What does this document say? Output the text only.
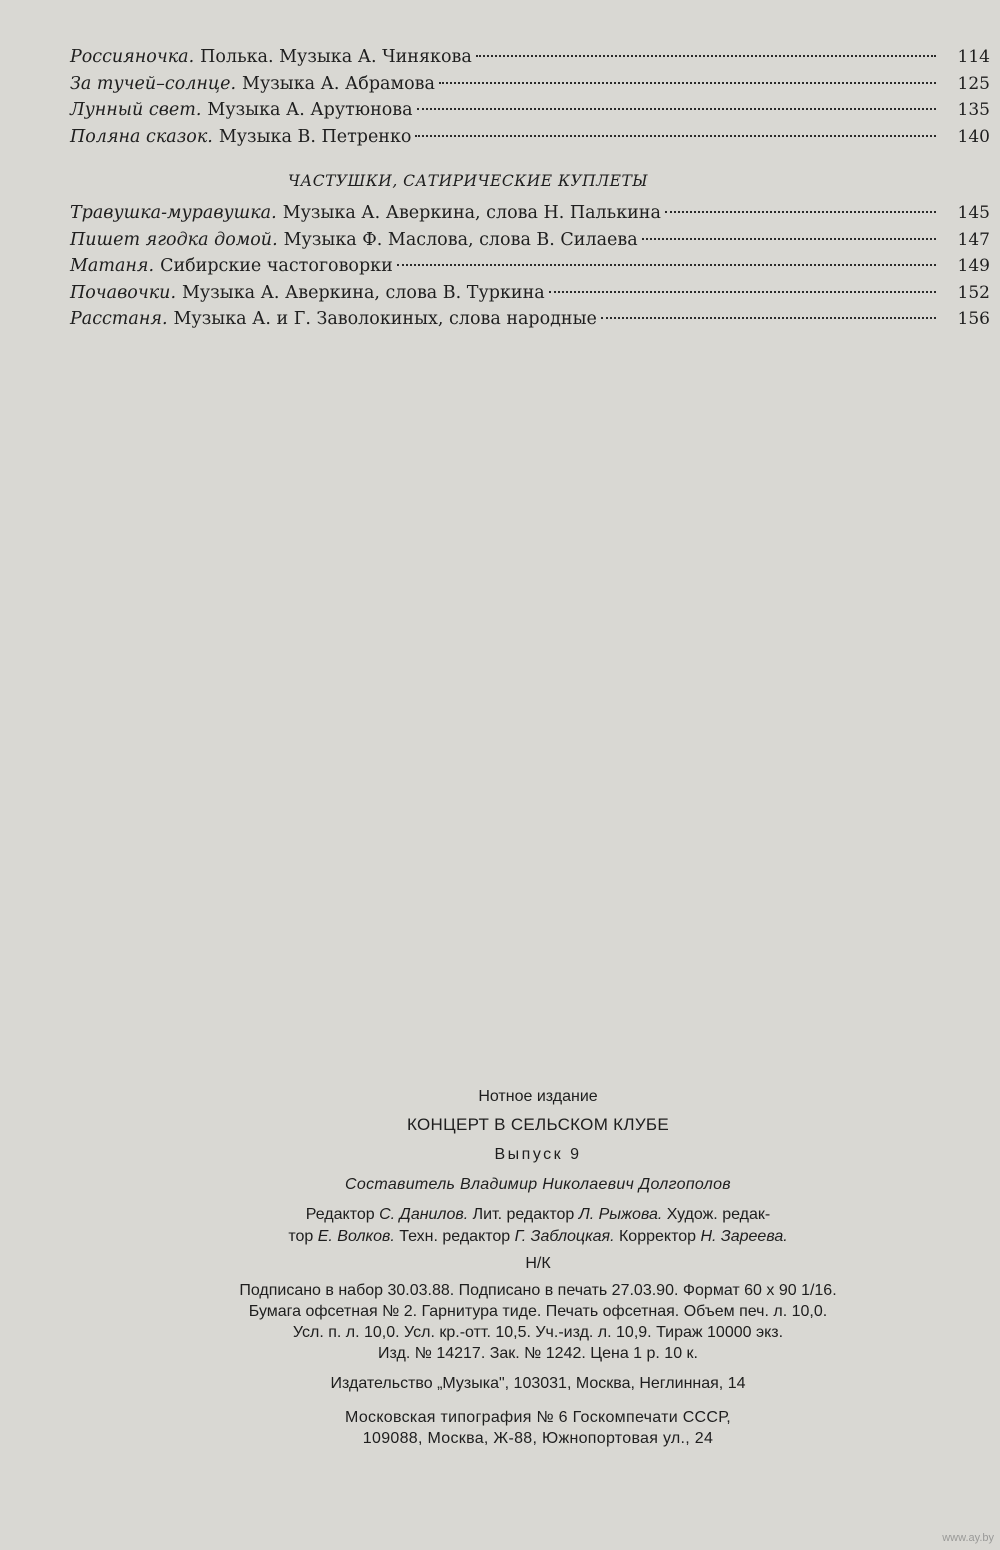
Россияночка. Полька. Музыка А. Чинякова	114
За тучей–солнце. Музыка А. Абрамова	125
Лунный свет. Музыка А. Арутюнова	135
Поляна сказок. Музыка В. Петренко	140
ЧАСТУШКИ, САТИРИЧЕСКИЕ КУПЛЕТЫ
Травушка-муравушка. Музыка А. Аверкина, слова Н. Палькина	145
Пишет ягодка домой. Музыка Ф. Маслова, слова В. Силаева	147
Матаня. Сибирские частоговорки	149
Почавочки. Музыка А. Аверкина, слова В. Туркина	152
Расстаня. Музыка А. и Г. Заволокиных, слова народные	156
Нотное издание
КОНЦЕРТ В СЕЛЬСКОМ КЛУБЕ
Выпуск 9
Составитель Владимир Николаевич Долгополов
Редактор С. Данилов. Лит. редактор Л. Рыжова. Худож. редак-
тор Е. Волков. Техн. редактор Г. Заблоцкая. Корректор Н. Зареева.
Н/К
Подписано в набор 30.03.88. Подписано в печать 27.03.90. Формат 60 х 90 1/16.
Бумага офсетная № 2. Гарнитура тиде. Печать офсетная. Объем печ. л. 10,0.
Усл. п. л. 10,0. Усл. кр.-отт. 10,5. Уч.-изд. л. 10,9. Тираж 10000 экз.
Изд. № 14217. Зак. № 1242. Цена 1 р. 10 к.
Издательство „Музыка", 103031, Москва, Неглинная, 14
Московская типография № 6 Госкомпечати СССР,
109088, Москва, Ж-88, Южнопортовая ул., 24
www.ay.by
